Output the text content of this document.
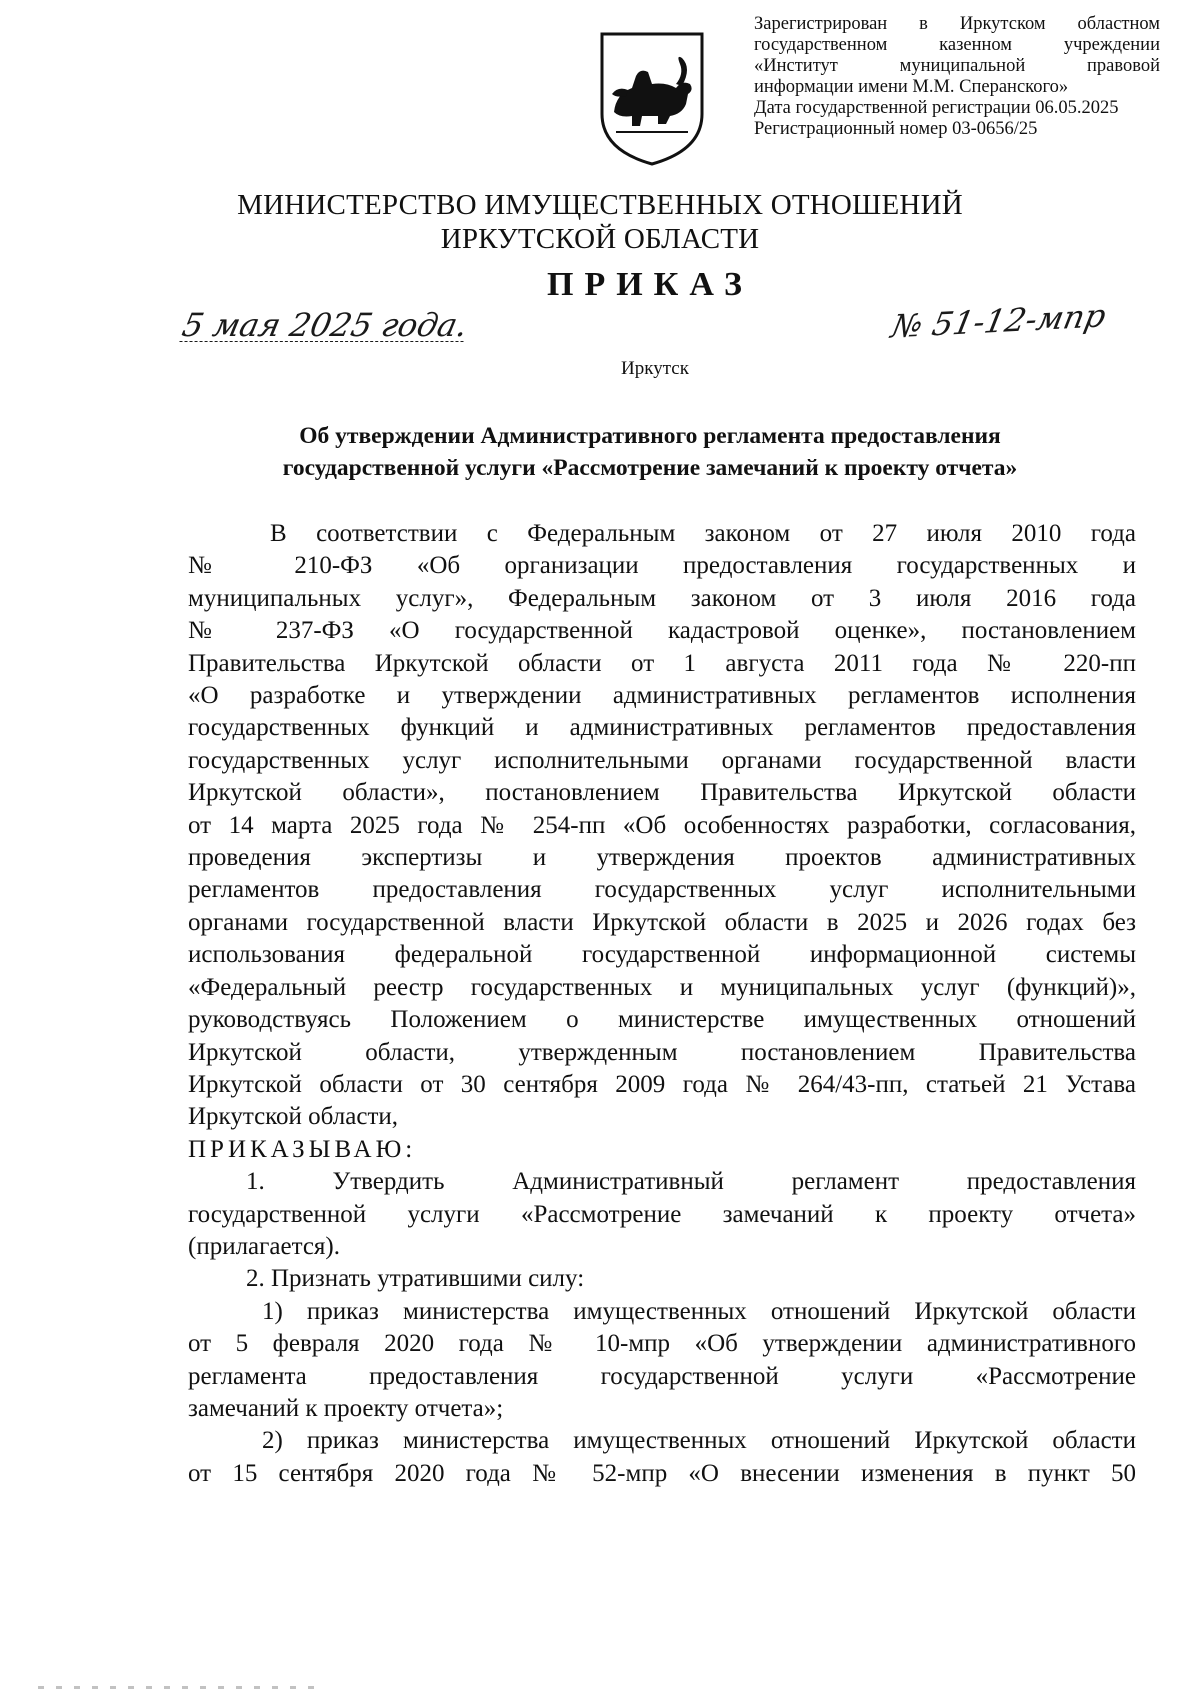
Зарегистрирован в Иркутском областном
государственном казенном учреждении
«Институт муниципальной правовой
информации имени М.М. Сперанского»
Дата государственной регистрации 06.05.2025
Регистрационный номер 03-0656/25
МИНИСТЕРСТВО ИМУЩЕСТВЕННЫХ ОТНОШЕНИЙ
ИРКУТСКОЙ ОБЛАСТИ
ПРИКАЗ
5 мая 2025 года.	№ 51-12-мпр
Иркутск
Об утверждении Административного регламента предоставления
государственной услуги «Рассмотрение замечаний к проекту отчета»
В соответствии с Федеральным законом от 27 июля 2010 года
№ 210-ФЗ «Об организации предоставления государственных и
муниципальных услуг», Федеральным законом от 3 июля 2016 года
№ 237-ФЗ «О государственной кадастровой оценке», постановлением
Правительства Иркутской области от 1 августа 2011 года № 220-пп
«О разработке и утверждении административных регламентов исполнения
государственных функций и административных регламентов предоставления
государственных услуг исполнительными органами государственной власти
Иркутской области», постановлением Правительства Иркутской области
от 14 марта 2025 года № 254-пп «Об особенностях разработки, согласования,
проведения экспертизы и утверждения проектов административных
регламентов предоставления государственных услуг исполнительными
органами государственной власти Иркутской области в 2025 и 2026 годах без
использования федеральной государственной информационной системы
«Федеральный реестр государственных и муниципальных услуг (функций)»,
руководствуясь Положением о министерстве имущественных отношений
Иркутской области, утвержденным постановлением Правительства
Иркутской области от 30 сентября 2009 года № 264/43-пп, статьей 21 Устава
Иркутской области,
ПРИКАЗЫВАЮ:
1. Утвердить Административный регламент предоставления
государственной услуги «Рассмотрение замечаний к проекту отчета»
(прилагается).
2. Признать утратившими силу:
1) приказ министерства имущественных отношений Иркутской области
от 5 февраля 2020 года № 10-мпр «Об утверждении административного
регламента предоставления государственной услуги «Рассмотрение
замечаний к проекту отчета»;
2) приказ министерства имущественных отношений Иркутской области
от 15 сентября 2020 года № 52-мпр «О внесении изменения в пункт 50
